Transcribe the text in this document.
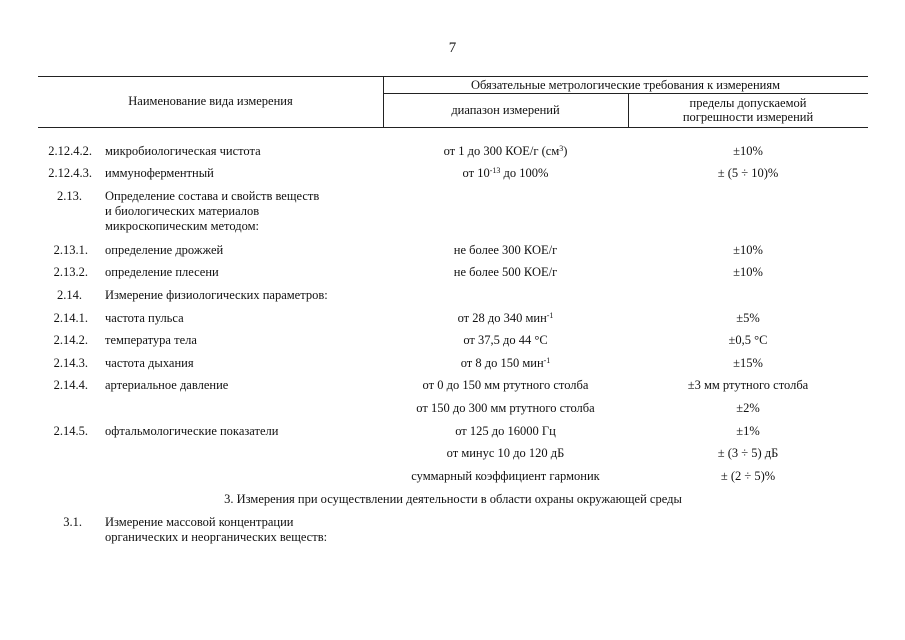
7
Наименование вида измерения
Обязательные метрологические требования к измерениям
диапазон измерений	пределы допускаемой
погрешности измерений
2.12.4.2. микробиологическая чистота	от 1 до 300 КОЕ/г $(см^3)$	±10%
2.12.4.3. иммуноферментный	от $10^{-13}$ до 100%	± (5 ÷ 10)%
2.13. Определение состава и свойств веществ
и биологических материалов
микроскопическим методом:
2.13.1. определение дрожжей	не более 300 КОЕ/г	±10%
2.13.2. определение плесени	не более 500 КОЕ/г	±10%
2.14. Измерение физиологических параметров:
2.14.1. частота пульса	от 28 до 340 мин$^{-1}$	±5%
2.14.2. температура тела	от 37,5 до 44 °С	±0,5 °С
2.14.3. частота дыхания	от 8 до 150 мин$^{-1}$	±15%
2.14.4. артериальное давление	от 0 до 150 мм ртутного столба	±3 мм ртутного столба
от 150 до 300 мм ртутного столба	±2%
2.14.5. офтальмологические показатели	от 125 до 16000 Гц	±1%
от минус 10 до 120 дБ	± (3 ÷ 5) дБ
суммарный коэффициент гармоник	± (2 ÷ 5)%
3. Измерения при осуществлении деятельности в области охраны окружающей среды
3.1. Измерение массовой концентрации
органических и неорганических веществ:
